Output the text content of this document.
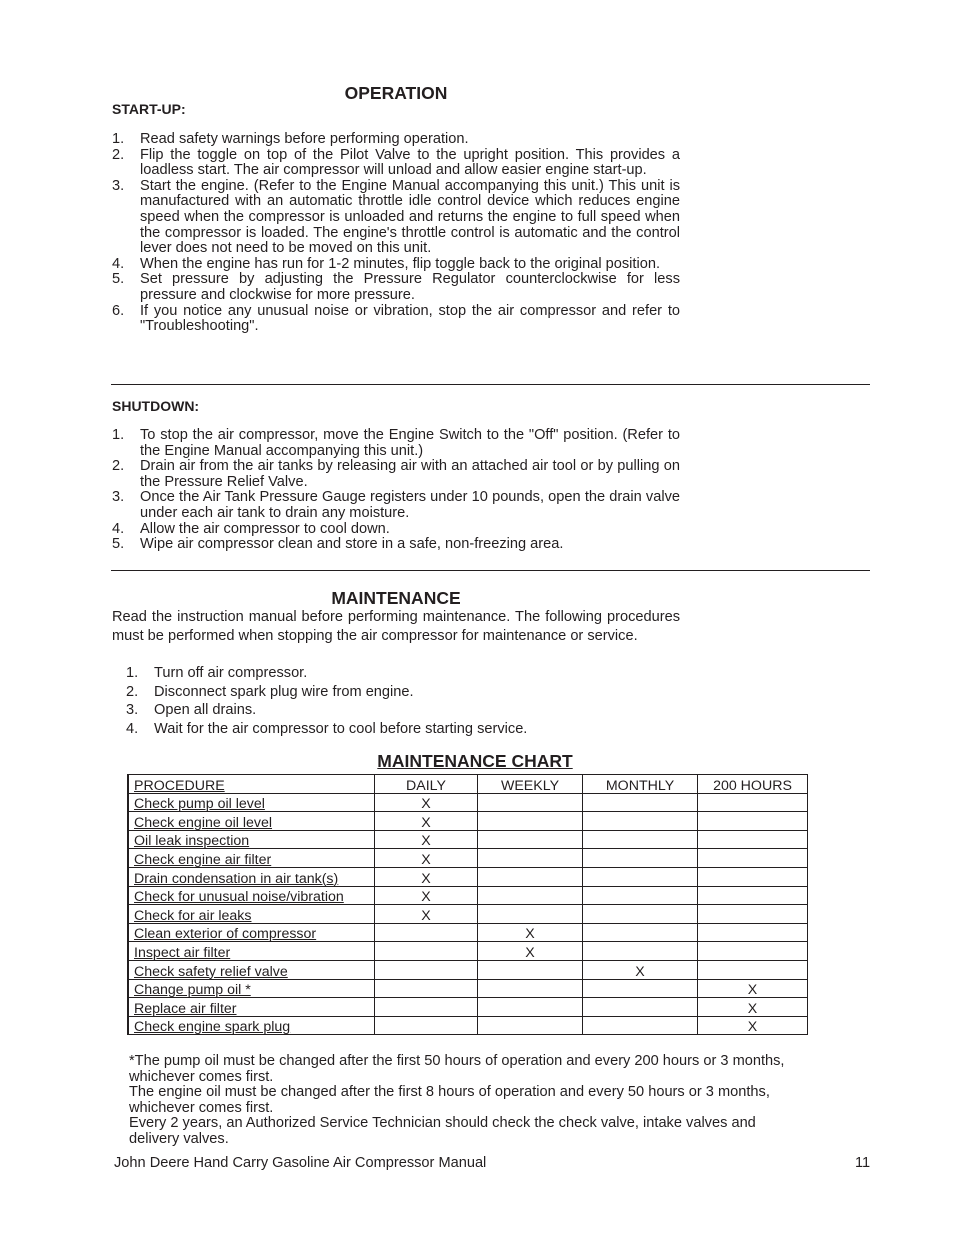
OPERATION
START-UP:
1.	Read safety warnings before performing operation.
2.	Flip the toggle on top of the Pilot Valve to the upright position. This provides a loadless start. The air compressor will unload and allow easier engine start-up.
3.	Start the engine. (Refer to the Engine Manual accompanying this unit.) This unit is manufactured with an automatic throttle idle control device which reduces engine speed when the compressor is unloaded and returns the engine to full speed when the compressor is loaded. The engine's throttle control is automatic and the control lever does not need to be moved on this unit.
4.	When the engine has run for 1-2 minutes, flip toggle back to the original position.
5.	Set pressure by adjusting the Pressure Regulator counterclockwise for less pressure and clockwise for more pressure.
6.	If you notice any unusual noise or vibration, stop the air compressor and refer to "Troubleshooting".
SHUTDOWN:
1.	To stop the air compressor, move the Engine Switch to the "Off" position. (Refer to the Engine Manual accompanying this unit.)
2.	Drain air from the air tanks by releasing air with an attached air tool or by pulling on the Pressure Relief Valve.
3.	Once the Air Tank Pressure Gauge registers under 10 pounds, open the drain valve under each air tank to drain any moisture.
4.	Allow the air compressor to cool down.
5.	Wipe air compressor clean and store in a safe, non-freezing area.
MAINTENANCE
Read the instruction manual before performing maintenance. The following procedures must be performed when stopping the air compressor for maintenance or service.
1.	Turn off air compressor.
2.	Disconnect spark plug wire from engine.
3.	Open all drains.
4.	Wait for the air compressor to cool before starting service.
MAINTENANCE CHART
PROCEDURE	DAILY	WEEKLY	MONTHLY	200 HOURS
Check pump oil level	X			
Check engine oil level	X			
Oil leak inspection	X			
Check engine air filter	X			
Drain condensation in air tank(s)	X			
Check for unusual noise/vibration	X			
Check for air leaks	X			
Clean exterior of compressor		X		
Inspect air filter		X		
Check safety relief valve			X	
Change pump oil *				X
Replace air filter				X
Check engine spark plug				X
*The pump oil must be changed after the first 50 hours of operation and every 200 hours or 3 months, whichever comes first.
The engine oil must be changed after the first 8 hours of operation and every 50 hours or 3 months, whichever comes first.
Every 2 years, an Authorized Service Technician should check the check valve, intake valves and delivery valves.
John Deere Hand Carry Gasoline Air Compressor Manual	11
